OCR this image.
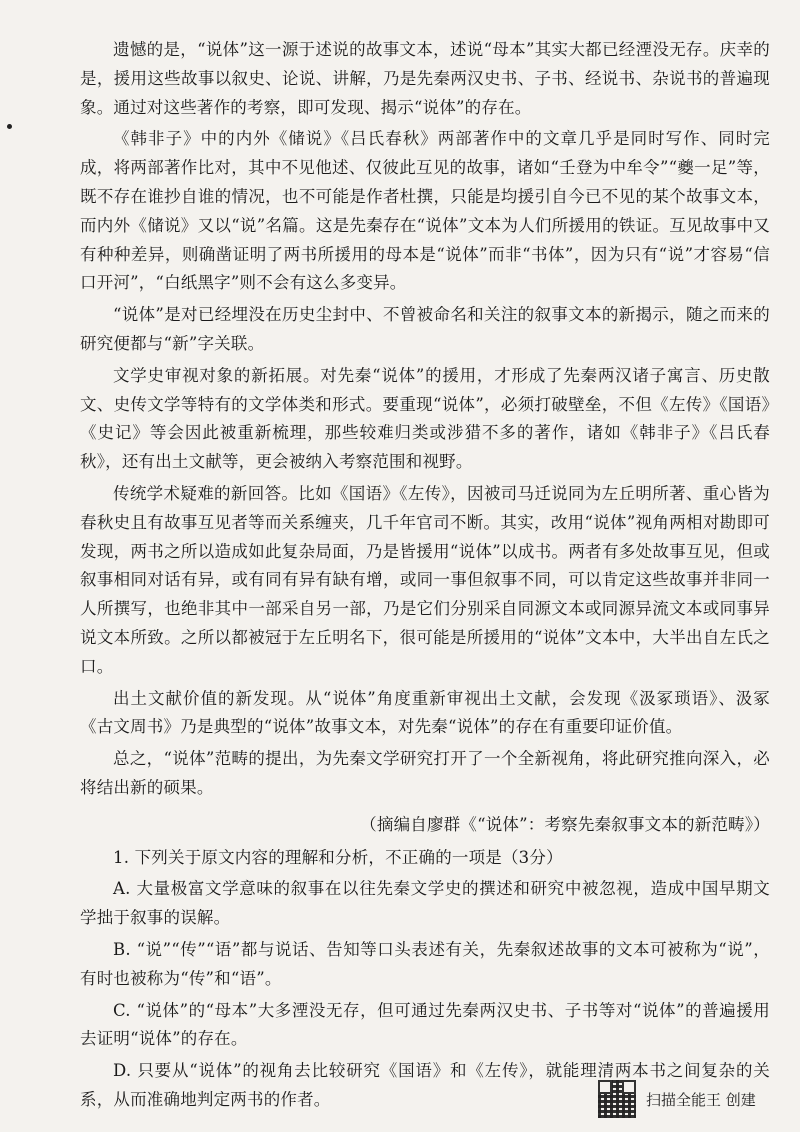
遗憾的是，“说体”这一源于述说的故事文本，述说“母本”其实大都已经湮没无存。庆幸的是，援用这些故事以叙史、论说、讲解，乃是先秦两汉史书、子书、经说书、杂说书的普遍现象。通过对这些著作的考察，即可发现、揭示“说体”的存在。

《韩非子》中的内外《储说》《吕氏春秋》两部著作中的文章几乎是同时写作、同时完成，将两部著作比对，其中不见他述、仅彼此互见的故事，诸如“壬登为中牟令”“夔一足”等，既不存在谁抄自谁的情况，也不可能是作者杜撰，只能是均援引自今已不见的某个故事文本，而内外《储说》又以“说”名篇。这是先秦存在“说体”文本为人们所援用的铁证。互见故事中又有种种差异，则确凿证明了两书所援用的母本是“说体”而非“书体”，因为只有“说”才容易“信口开河”，“白纸黑字”则不会有这么多变异。

“说体”是对已经埋没在历史尘封中、不曾被命名和关注的叙事文本的新揭示，随之而来的研究便都与“新”字关联。

文学史审视对象的新拓展。对先秦“说体”的援用，才形成了先秦两汉诸子寓言、历史散文、史传文学等特有的文学体类和形式。要重现“说体”，必须打破壁垒，不但《左传》《国语》《史记》等会因此被重新梳理，那些较难归类或涉猎不多的著作，诸如《韩非子》《吕氏春秋》，还有出土文献等，更会被纳入考察范围和视野。

传统学术疑难的新回答。比如《国语》《左传》，因被司马迁说同为左丘明所著、重心皆为春秋史且有故事互见者等而关系缠夹，几千年官司不断。其实，改用“说体”视角两相对勘即可发现，两书之所以造成如此复杂局面，乃是皆援用“说体”以成书。两者有多处故事互见，但或叙事相同对话有异，或有同有异有缺有增，或同一事但叙事不同，可以肯定这些故事并非同一人所撰写，也绝非其中一部采自另一部，乃是它们分别采自同源文本或同源异流文本或同事异说文本所致。之所以都被冠于左丘明名下，很可能是所援用的“说体”文本中，大半出自左氏之口。

出土文献价值的新发现。从“说体”角度重新审视出土文献，会发现《汲冢琐语》、汲冢《古文周书》乃是典型的“说体”故事文本，对先秦“说体”的存在有重要印证价值。

总之，“说体”范畴的提出，为先秦文学研究打开了一个全新视角，将此研究推向深入，必将结出新的硕果。

（摘编自廖群《“说体”：考察先秦叙事文本的新范畴》）

1. 下列关于原文内容的理解和分析，不正确的一项是（3分）

A. 大量极富文学意味的叙事在以往先秦文学史的撰述和研究中被忽视，造成中国早期文学拙于叙事的误解。

B. “说”“传”“语”都与说话、告知等口头表述有关，先秦叙述故事的文本可被称为“说”，有时也被称为“传”和“语”。

C. “说体”的“母本”大多湮没无存，但可通过先秦两汉史书、子书等对“说体”的普遍援用去证明“说体”的存在。

D. 只要从“说体”的视角去比较研究《国语》和《左传》，就能理清两本书之间复杂的关系，从而准确地判定两书的作者。	扫描全能王 创建
